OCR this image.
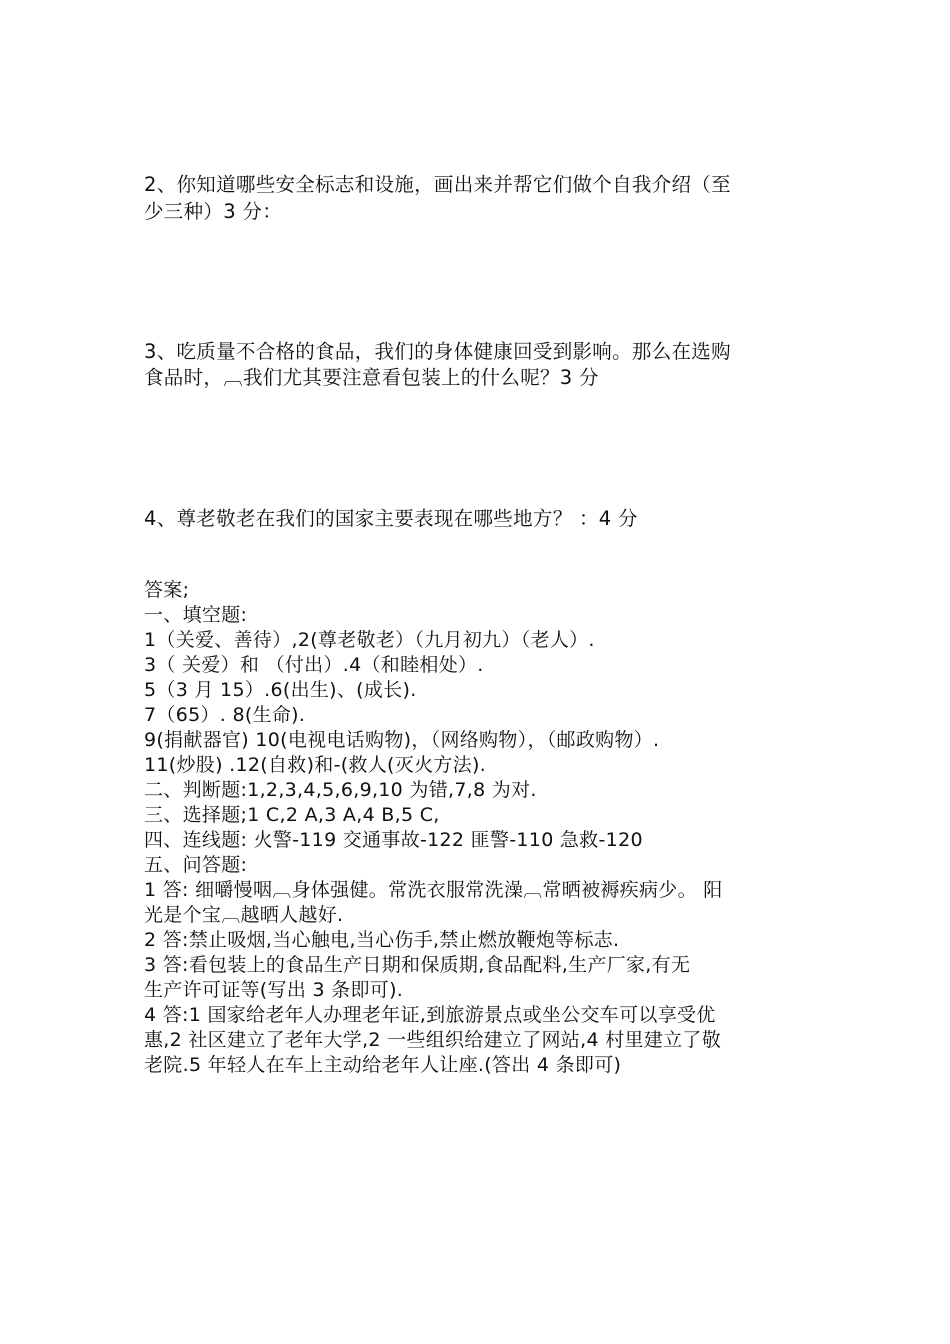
2、你知道哪些安全标志和设施，画出来并帮它们做个自我介绍（至
少三种）3 分：
3、吃质量不合格的食品，我们的身体健康回受到影响。那么在选购
食品时，︹我们尤其要注意看包装上的什么呢？3 分
4、尊老敬老在我们的国家主要表现在哪些地方？ ：4 分
答案;
一、填空题:
1（关爱、善待）,2(尊老敬老）（九月初九）（老人）.
3（ 关爱）和 （付出）.4（和睦相处）.
5（3 月 15）.6(出生)、(成长).
7（65）. 8(生命).
9(捐献器官) 10(电视电话购物)，（网络购物），（邮政购物）.
11(炒股) .12(自救)和-(救人(灭火方法).
二、判断题:1,2,3,4,5,6,9,10 为错,7,8 为对.
三、选择题;1 C,2 A,3 A,4 B,5 C,
四、连线题: 火警-119 交通事故-122 匪警-110 急救-120
五、问答题:
1 答: 细嚼慢咽︹身体强健。常洗衣服常洗澡︹常晒被褥疾病少。 阳
光是个宝︹越晒人越好.
2 答:禁止吸烟,当心触电,当心伤手,禁止燃放鞭炮等标志.
3 答:看包装上的食品生产日期和保质期,食品配料,生产厂家,有无
生产许可证等(写出 3 条即可).
4 答:1 国家给老年人办理老年证,到旅游景点或坐公交车可以享受优
惠,2 社区建立了老年大学,2 一些组织给建立了网站,4 村里建立了敬
老院.5 年轻人在车上主动给老年人让座.(答出 4 条即可)
